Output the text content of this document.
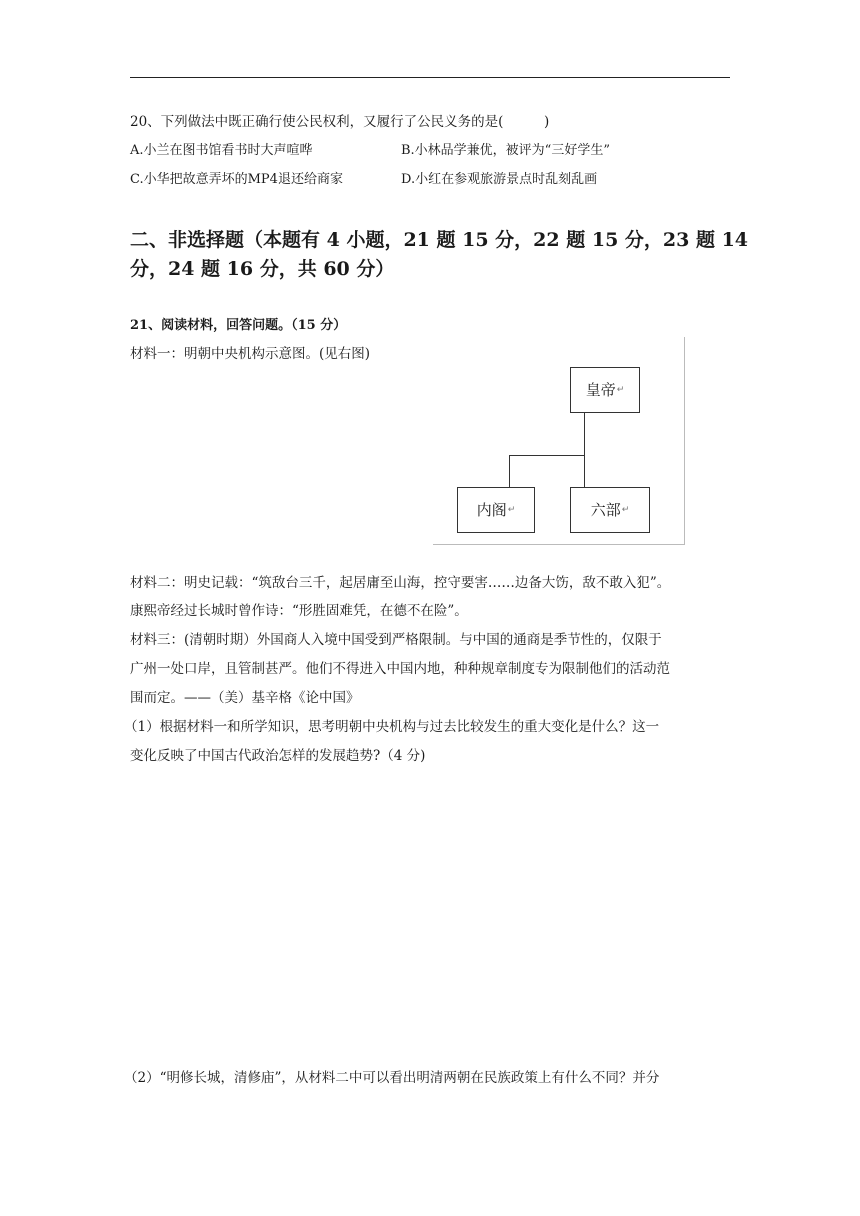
20、下列做法中既正确行使公民权利，又履行了公民义务的是(　　　)
A.小兰在图书馆看书时大声喧哗	B.小林品学兼优，被评为“三好学生”
C.小华把故意弄坏的MP4退还给商家	D.小红在参观旅游景点时乱刻乱画
二、非选择题（本题有 4 小题，21 题 15 分，22 题 15 分，23 题 14
分，24 题 16 分，共 60 分）
21、阅读材料，回答问题。（15 分）
材料一：明朝中央机构示意图。(见右图)
皇帝 ↵
内阁 ↵	六部 ↵
材料二：明史记载：“筑敌台三千，起居庸至山海，控守要害……边备大饬，敌不敢入犯”。
康熙帝经过长城时曾作诗：“形胜固难凭，在德不在险”。
材料三：(清朝时期）外国商人入境中国受到严格限制。与中国的通商是季节性的，仅限于
广州一处口岸，且管制甚严。他们不得进入中国内地，种种规章制度专为限制他们的活动范
围而定。——（美）基辛格《论中国》
（1）根据材料一和所学知识，思考明朝中央机构与过去比较发生的重大变化是什么？这一
变化反映了中国古代政治怎样的发展趋势?（4 分)
（2）“明修长城，清修庙”，从材料二中可以看出明清两朝在民族政策上有什么不同？并分
